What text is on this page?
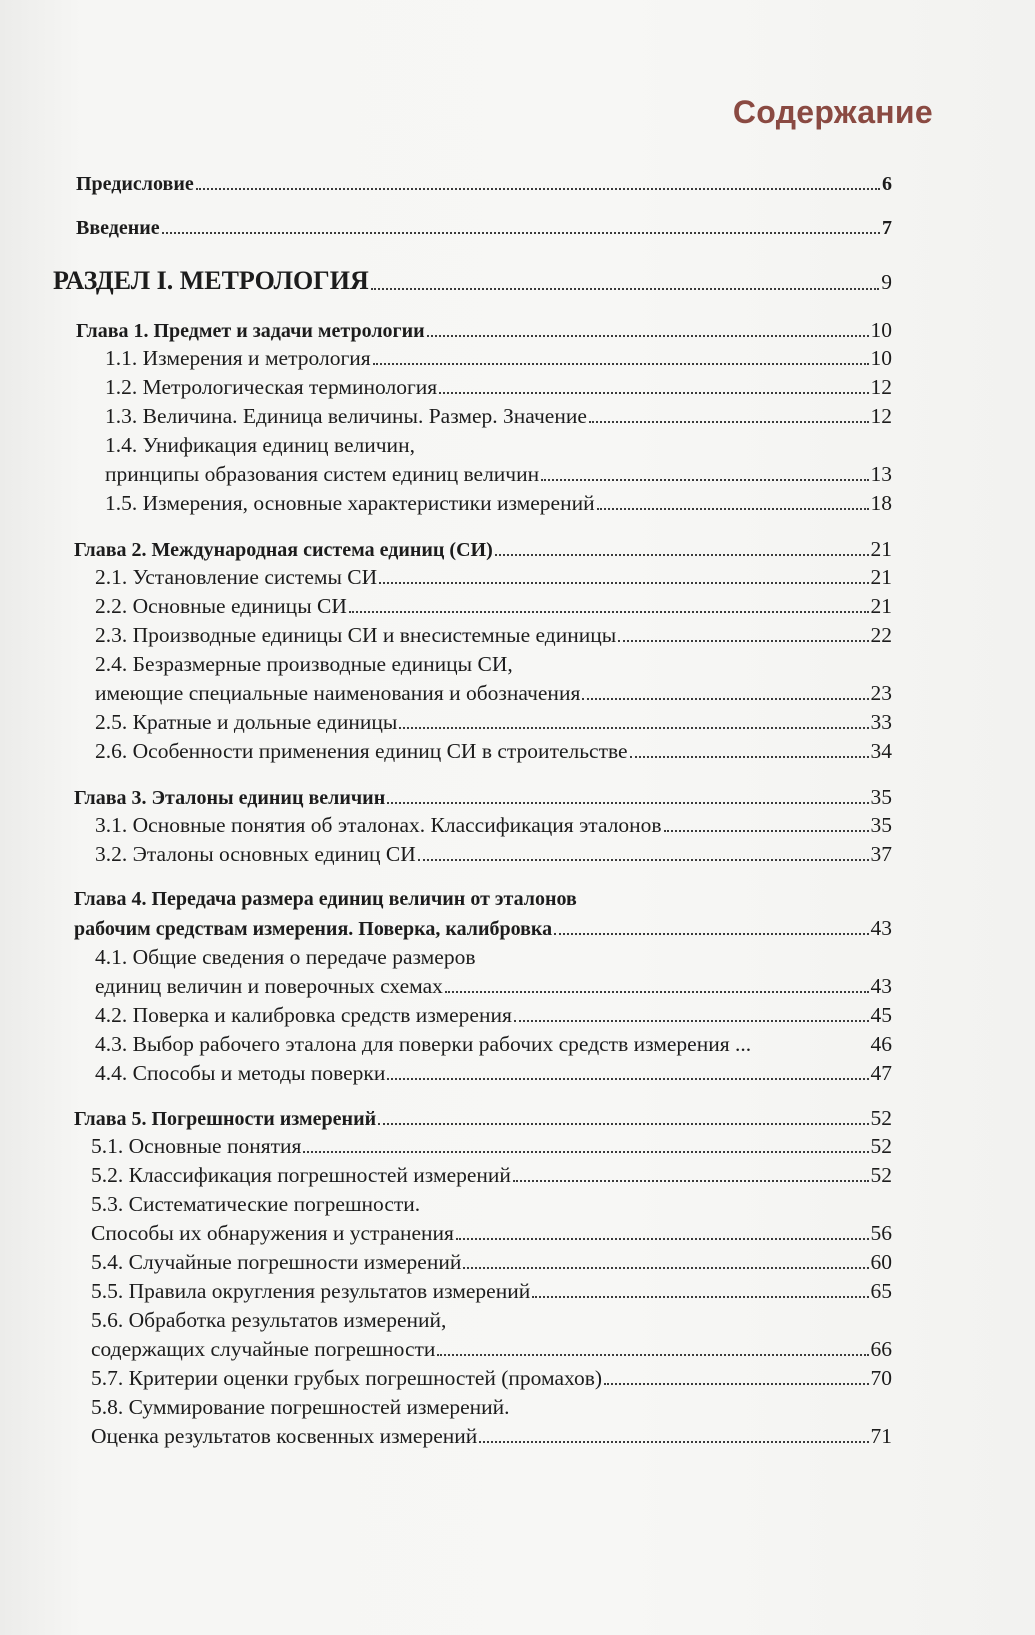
Содержание
Предисловие	6
Введение	7
РАЗДЕЛ I. МЕТРОЛОГИЯ	9
Глава 1. Предмет и задачи метрологии	10
1.1. Измерения и метрология	10
1.2. Метрологическая терминология	12
1.3. Величина. Единица величины. Размер. Значение	12
1.4. Унификация единиц величин,
принципы образования систем единиц величин	13
1.5. Измерения, основные характеристики измерений	18
Глава 2. Международная система единиц (СИ)	21
2.1. Установление системы СИ	21
2.2. Основные единицы СИ	21
2.3. Производные единицы СИ и внесистемные единицы	22
2.4. Безразмерные производные единицы СИ,
имеющие специальные наименования и обозначения	23
2.5. Кратные и дольные единицы	33
2.6. Особенности применения единиц СИ в строительстве	34
Глава 3. Эталоны единиц величин	35
3.1. Основные понятия об эталонах. Классификация эталонов	35
3.2. Эталоны основных единиц СИ	37
Глава 4. Передача размера единиц величин от эталонов
рабочим средствам измерения. Поверка, калибровка	43
4.1. Общие сведения о передаче размеров
единиц величин и поверочных схемах	43
4.2. Поверка и калибровка средств измерения	45
4.3. Выбор рабочего эталона для поверки рабочих средств измерения ...	46
4.4. Способы и методы поверки	47
Глава 5. Погрешности измерений	52
5.1. Основные понятия	52
5.2. Классификация погрешностей измерений	52
5.3. Систематические погрешности.
Способы их обнаружения и устранения	56
5.4. Случайные погрешности измерений	60
5.5. Правила округления результатов измерений	65
5.6. Обработка результатов измерений,
содержащих случайные погрешности	66
5.7. Критерии оценки грубых погрешностей (промахов)	70
5.8. Суммирование погрешностей измерений.
Оценка результатов косвенных измерений	71
